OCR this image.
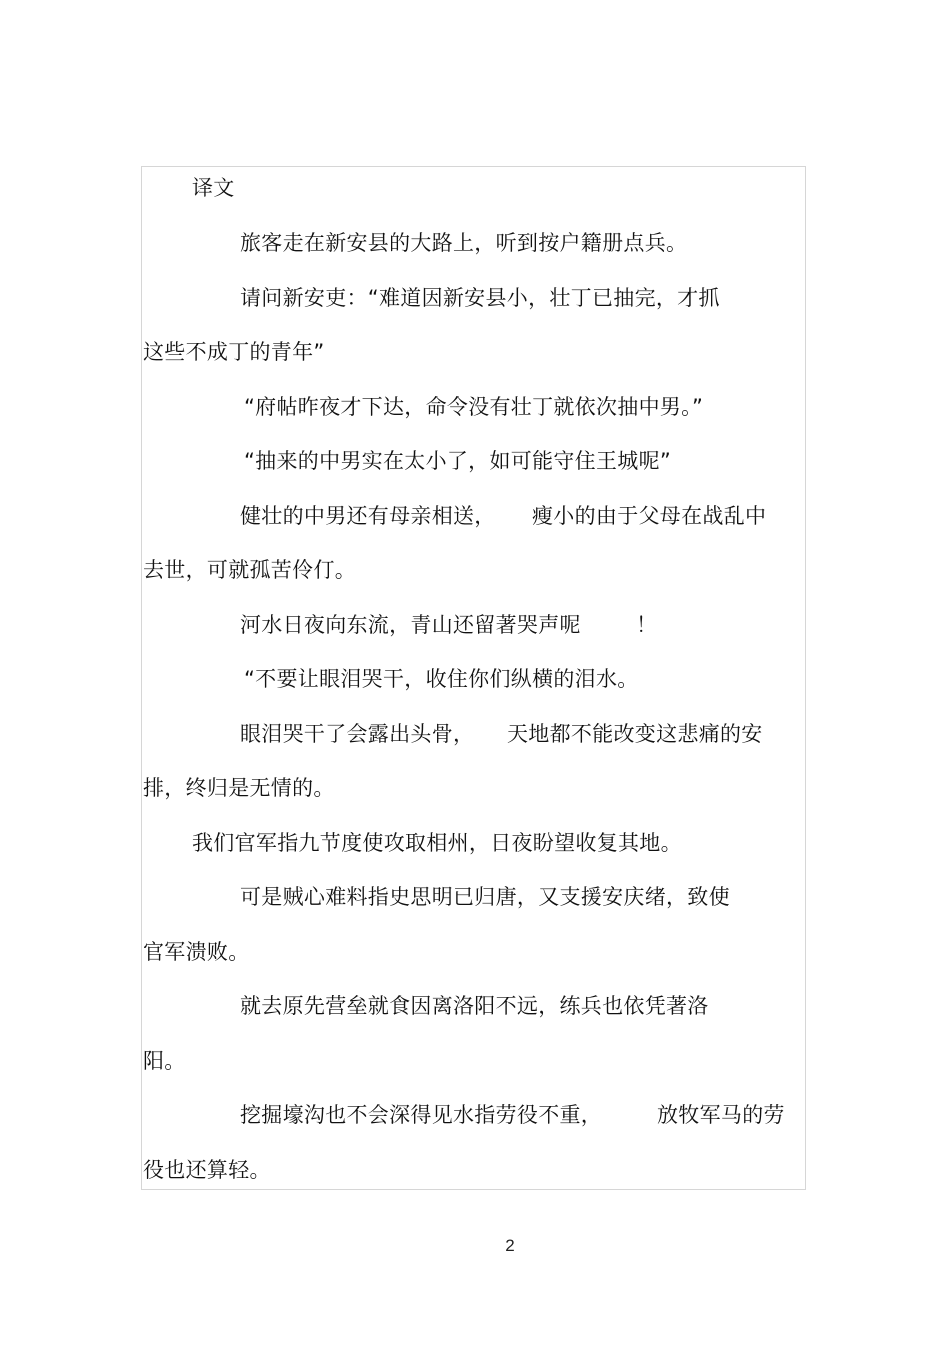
译文
旅客走在新安县的大路上，听到按户籍册点兵。
请问新安吏：“难道因新安县小，壮丁已抽完，才抓
这些不成丁的青年”
“府帖昨夜才下达，命令没有壮丁就依次抽中男。”
“抽来的中男实在太小了，如可能守住王城呢”
健壮的中男还有母亲相送， 瘦小的由于父母在战乱中
去世，可就孤苦伶仃。
河水日夜向东流，青山还留著哭声呢	！
“不要让眼泪哭干，收住你们纵横的泪水。
眼泪哭干了会露出头骨， 天地都不能改变这悲痛的安
排，终归是无情的。
我们官军指九节度使攻取相州，日夜盼望收复其地。
可是贼心难料指史思明已归唐，又支援安庆绪，致使
官军溃败。
就去原先营垒就食因离洛阳不远，练兵也依凭著洛
阳。
挖掘壕沟也不会深得见水指劳役不重，	放牧军马的劳
役也还算轻。
2
